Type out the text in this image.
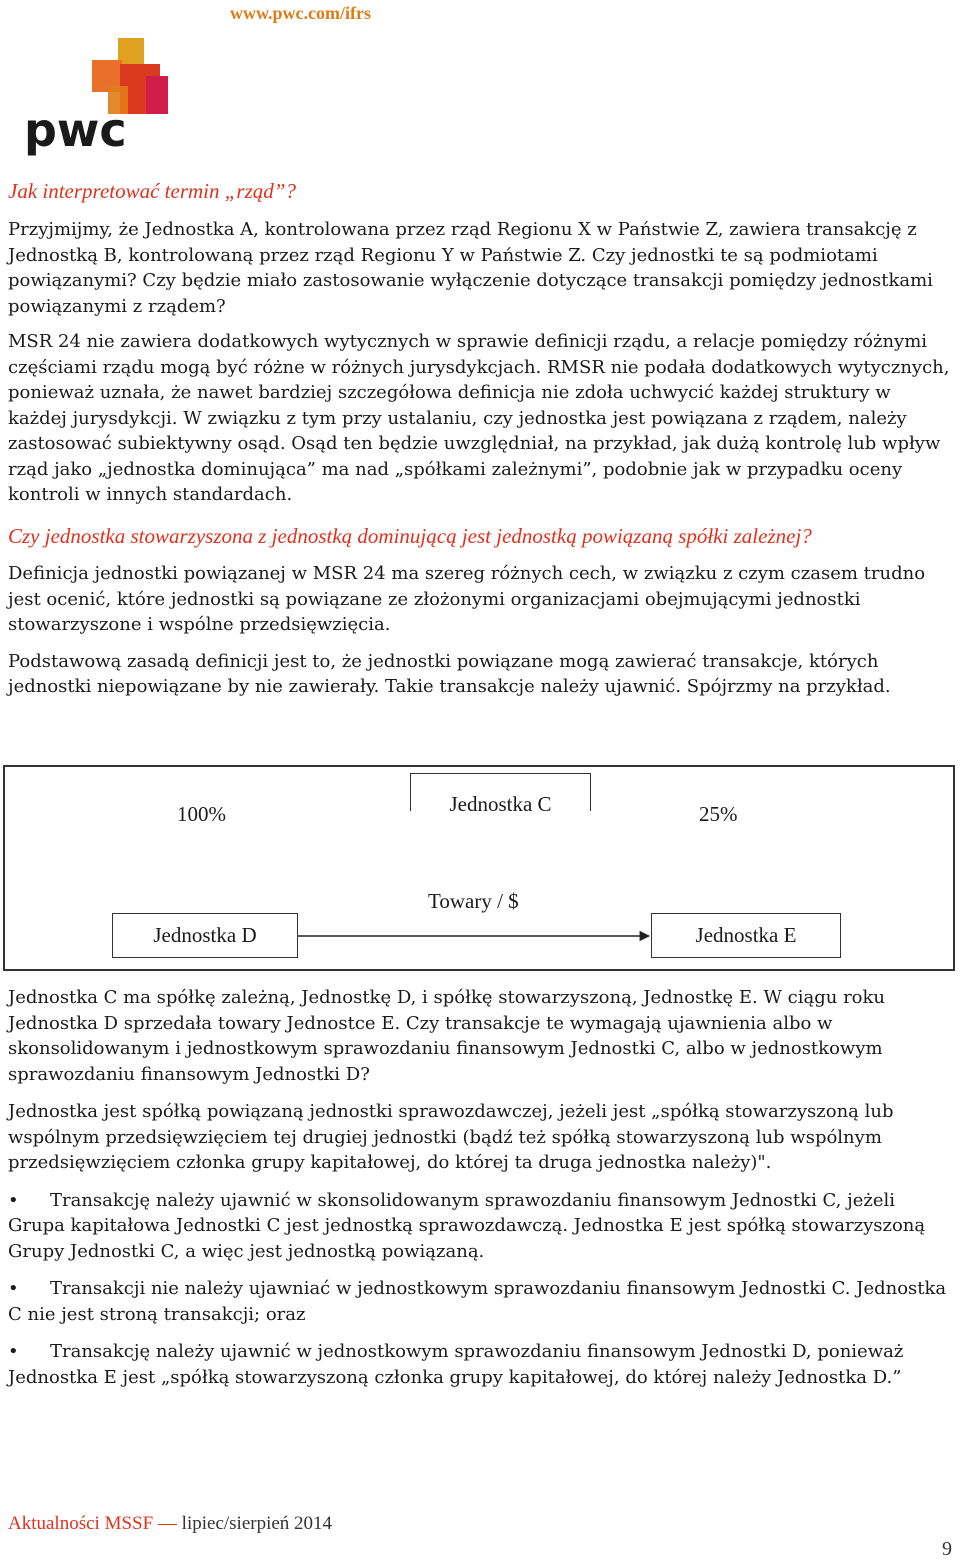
www.pwc.com/ifrs
pwc

Jak interpretować termin „rząd”?

Przyjmijmy, że Jednostka A, kontrolowana przez rząd Regionu X w Państwie Z, zawiera transakcję z Jednostką B, kontrolowaną przez rząd Regionu Y w Państwie Z. Czy jednostki te są podmiotami powiązanymi? Czy będzie miało zastosowanie wyłączenie dotyczące transakcji pomiędzy jednostkami powiązanymi z rządem?

MSR 24 nie zawiera dodatkowych wytycznych w sprawie definicji rządu, a relacje pomiędzy różnymi częściami rządu mogą być różne w różnych jurysdykcjach. RMSR nie podała dodatkowych wytycznych, ponieważ uznała, że nawet bardziej szczegółowa definicja nie zdoła uchwycić każdej struktury w każdej jurysdykcji. W związku z tym przy ustalaniu, czy jednostka jest powiązana z rządem, należy zastosować subiektywny osąd. Osąd ten będzie uwzględniał, na przykład, jak dużą kontrolę lub wpływ rząd jako „jednostka dominująca” ma nad „spółkami zależnymi”, podobnie jak w przypadku oceny kontroli w innych standardach.

Czy jednostka stowarzyszona z jednostką dominującą jest jednostką powiązaną spółki zależnej?

Definicja jednostki powiązanej w MSR 24 ma szereg różnych cech, w związku z czym czasem trudno jest ocenić, które jednostki są powiązane ze złożonymi organizacjami obejmującymi jednostki stowarzyszone i wspólne przedsięwzięcia.

Podstawową zasadą definicji jest to, że jednostki powiązane mogą zawierać transakcje, których jednostki niepowiązane by nie zawierały. Takie transakcje należy ujawnić. Spójrzmy na przykład.

Jednostka C
100%	25%
Towary / $
Jednostka D	Jednostka E

Jednostka C ma spółkę zależną, Jednostkę D, i spółkę stowarzyszoną, Jednostkę E. W ciągu roku Jednostka D sprzedała towary Jednostce E. Czy transakcje te wymagają ujawnienia albo w skonsolidowanym i jednostkowym sprawozdaniu finansowym Jednostki C, albo w jednostkowym sprawozdaniu finansowym Jednostki D?

Jednostka jest spółką powiązaną jednostki sprawozdawczej, jeżeli jest „spółką stowarzyszoną lub wspólnym przedsięwzięciem tej drugiej jednostki (bądź też spółką stowarzyszoną lub wspólnym przedsięwzięciem członka grupy kapitałowej, do której ta druga jednostka należy)".

• Transakcję należy ujawnić w skonsolidowanym sprawozdaniu finansowym Jednostki C, jeżeli Grupa kapitałowa Jednostki C jest jednostką sprawozdawczą. Jednostka E jest spółką stowarzyszoną Grupy Jednostki C, a więc jest jednostką powiązaną.

• Transakcji nie należy ujawniać w jednostkowym sprawozdaniu finansowym Jednostki C. Jednostka C nie jest stroną transakcji; oraz

• Transakcję należy ujawnić w jednostkowym sprawozdaniu finansowym Jednostki D, ponieważ Jednostka E jest „spółką stowarzyszoną członka grupy kapitałowej, do której należy Jednostka D.”

Aktualności MSSF — lipiec/sierpień 2014
9
